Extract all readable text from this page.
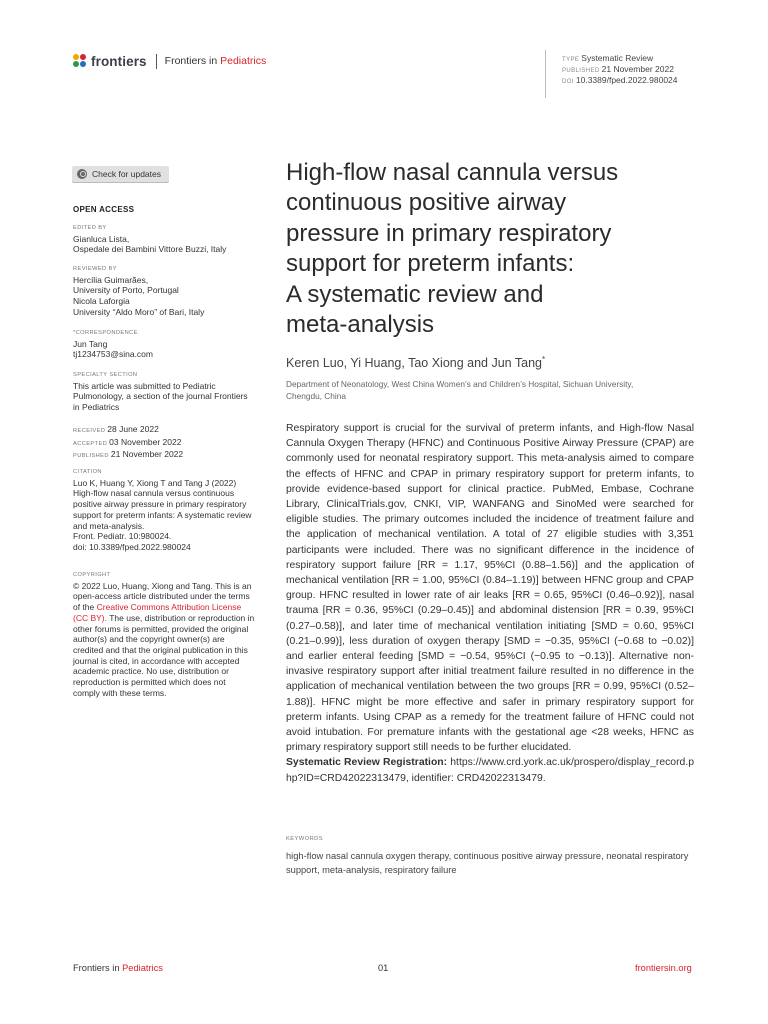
frontiers Frontiers in Pediatrics	TYPE Systematic Review
PUBLISHED 21 November 2022
DOI 10.3389/fped.2022.980024
Check for updates
OPEN ACCESS
EDITED BY
Gianluca Lista,
Ospedale dei Bambini Vittore Buzzi, Italy
REVIEWED BY
Hercília Guimarães,
University of Porto, Portugal
Nicola Laforgia
University “Aldo Moro” of Bari, Italy
*CORRESPONDENCE
Jun Tang
tj1234753@sina.com
SPECIALTY SECTION
This article was submitted to Pediatric
Pulmonology, a section of the journal Frontiers
in Pediatrics
RECEIVED 28 June 2022
ACCEPTED 03 November 2022
PUBLISHED 21 November 2022
CITATION
Luo K, Huang Y, Xiong T and Tang J (2022)
High-flow nasal cannula versus continuous
positive airway pressure in primary respiratory
support for preterm infants: A systematic review
and meta-analysis.
Front. Pediatr. 10:980024.
doi: 10.3389/fped.2022.980024
COPYRIGHT
© 2022 Luo, Huang, Xiong and Tang. This is an
open-access article distributed under the terms
of the Creative Commons Attribution License
(CC BY). The use, distribution or reproduction in
other forums is permitted, provided the original
author(s) and the copyright owner(s) are
credited and that the original publication in this
journal is cited, in accordance with accepted
academic practice. No use, distribution or
reproduction is permitted which does not
comply with these terms.
High-flow nasal cannula versus
continuous positive airway
pressure in primary respiratory
support for preterm infants:
A systematic review and
meta-analysis
Keren Luo, Yi Huang, Tao Xiong and Jun Tang*
Department of Neonatology, West China Women’s and Children’s Hospital, Sichuan University,
Chengdu, China
Respiratory support is crucial for the survival of preterm infants, and High-flow Nasal Cannula Oxygen Therapy (HFNC) and Continuous Positive Airway Pressure (CPAP) are commonly used for neonatal respiratory support. This meta-analysis aimed to compare the effects of HFNC and CPAP in primary respiratory support for preterm infants, to provide evidence-based support for clinical practice. PubMed, Embase, Cochrane Library, ClinicalTrials.gov, CNKI, VIP, WANFANG and SinoMed were searched for eligible studies. The primary outcomes included the incidence of treatment failure and the application of mechanical ventilation. A total of 27 eligible studies with 3,351 participants were included. There was no significant difference in the incidence of respiratory support failure [RR = 1.17, 95%CI (0.88–1.56)] and the application of mechanical ventilation [RR = 1.00, 95%CI (0.84–1.19)] between HFNC group and CPAP group. HFNC resulted in lower rate of air leaks [RR = 0.65, 95%CI (0.46–0.92)], nasal trauma [RR = 0.36, 95%CI (0.29–0.45)] and abdominal distension [RR = 0.39, 95%CI (0.27–0.58)], and later time of mechanical ventilation initiating [SMD = 0.60, 95%CI (0.21–0.99)], less duration of oxygen therapy [SMD = −0.35, 95%CI (−0.68 to −0.02)] and earlier enteral feeding [SMD = −0.54, 95%CI (−0.95 to −0.13)]. Alternative non-invasive respiratory support after initial treatment failure resulted in no difference in the application of mechanical ventilation between the two groups [RR = 0.99, 95%CI (0.52–1.88)]. HFNC might be more effective and safer in primary respiratory support for preterm infants. Using CPAP as a remedy for the treatment failure of HFNC could not avoid intubation. For premature infants with the gestational age <28 weeks, HFNC as primary respiratory support still needs to be further elucidated.
Systematic Review Registration: https://www.crd.york.ac.uk/prospero/display_record.php?ID=CRD42022313479, identifier: CRD42022313479.
KEYWORDS
high-flow nasal cannula oxygen therapy, continuous positive airway pressure, neonatal respiratory support, meta-analysis, respiratory failure
Frontiers in Pediatrics	01	frontiersin.org
